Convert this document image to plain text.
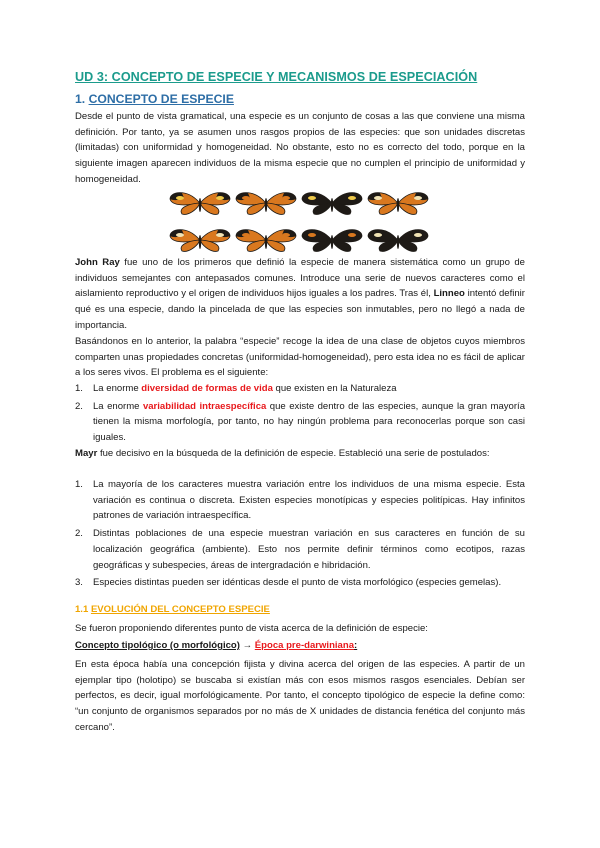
UD 3: CONCEPTO DE ESPECIE Y MECANISMOS DE ESPECIACIÓN
1. CONCEPTO DE ESPECIE
Desde el punto de vista gramatical, una especie es un conjunto de cosas a las que conviene una misma definición. Por tanto, ya se asumen unos rasgos propios de las especies: que son unidades discretas (limitadas) con uniformidad y homogeneidad. No obstante, esto no es correcto del todo, porque en la siguiente imagen aparecen individuos de la misma especie que no cumplen el principio de uniformidad y homogeneidad.
John Ray fue uno de los primeros que definió la especie de manera sistemática como un grupo de individuos semejantes con antepasados comunes. Introduce una serie de nuevos caracteres como el aislamiento reproductivo y el origen de individuos hijos iguales a los padres. Tras él, Linneo intentó definir qué es una especie, dando la pincelada de que las especies son inmutables, pero no llegó a nada de importancia.
Basándonos en lo anterior, la palabra “especie” recoge la idea de una clase de objetos cuyos miembros comparten unas propiedades concretas (uniformidad-homogeneidad), pero esta idea no es fácil de aplicar a los seres vivos. El problema es el siguiente:
1. La enorme diversidad de formas de vida que existen en la Naturaleza
2. La enorme variabilidad intraespecífica que existe dentro de las especies, aunque la gran mayoría tienen la misma morfología, por tanto, no hay ningún problema para reconocerlas porque son casi iguales.
Mayr fue decisivo en la búsqueda de la definición de especie. Estableció una serie de postulados:
1. La mayoría de los caracteres muestra variación entre los individuos de una misma especie. Esta variación es continua o discreta. Existen especies monotípicas y especies politípicas. Hay infinitos patrones de variación intraespecífica.
2. Distintas poblaciones de una especie muestran variación en sus caracteres en función de su localización geográfica (ambiente). Esto nos permite definir términos como ecotipos, razas geográficas y subespecies, áreas de intergradación e hibridación.
3. Especies distintas pueden ser idénticas desde el punto de vista morfológico (especies gemelas).
1.1 EVOLUCIÓN DEL CONCEPTO ESPECIE
Se fueron proponiendo diferentes punto de vista acerca de la definición de especie:
Concepto tipológico (o morfológico) → Época pre-darwiniana:
En esta época había una concepción fijista y divina acerca del origen de las especies. A partir de un ejemplar tipo (holotipo) se buscaba si existían más con esos mismos rasgos esenciales. Debían ser perfectos, es decir, igual morfológicamente. Por tanto, el concepto tipológico de especie la define como: “un conjunto de organismos separados por no más de X unidades de distancia fenética del conjunto más cercano”.
